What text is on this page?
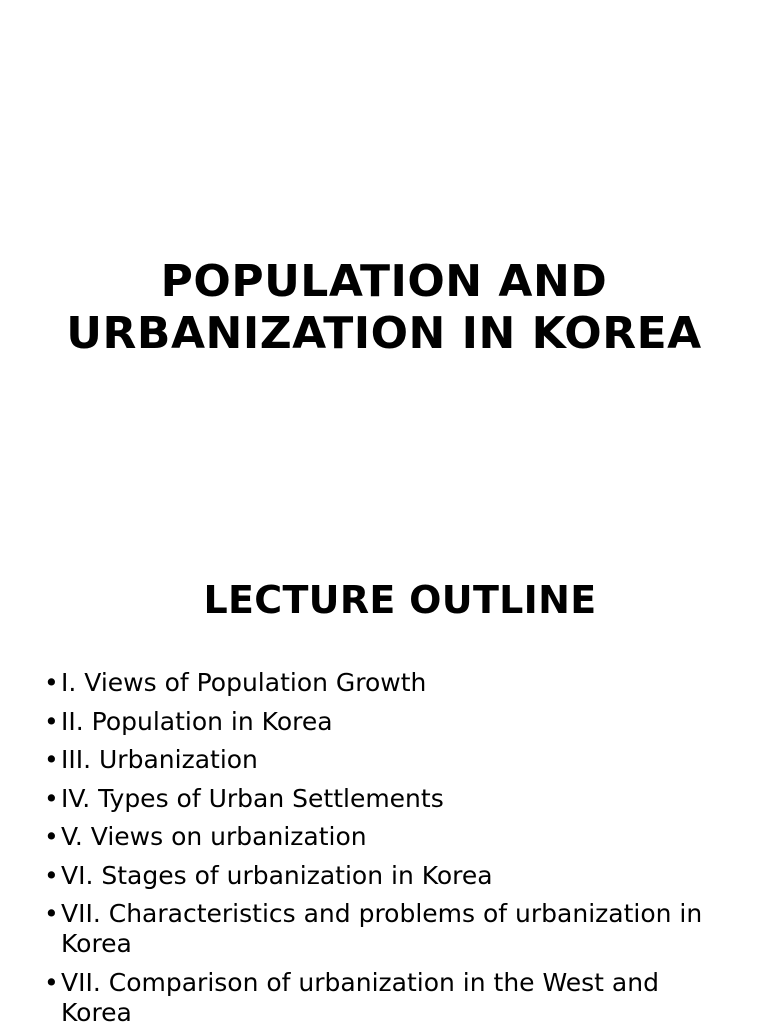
POPULATION AND
URBANIZATION IN KOREA
LECTURE OUTLINE
• I. Views of Population Growth
• II. Population in Korea
• III. Urbanization
• IV. Types of Urban Settlements
• V. Views on urbanization
• VI. Stages of urbanization in Korea
• VII. Characteristics and problems of urbanization in Korea
• VII. Comparison of urbanization in the West and Korea
